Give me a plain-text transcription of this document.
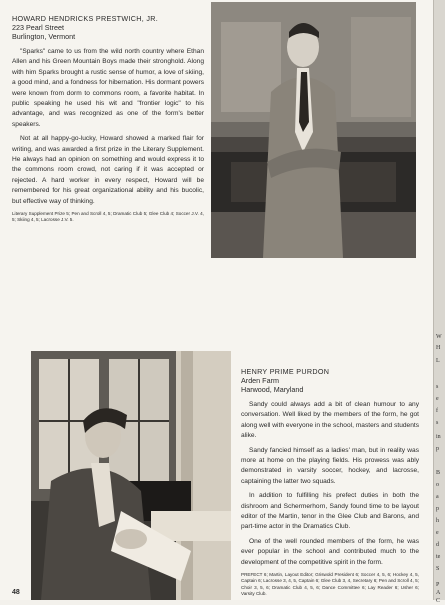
HOWARD HENDRICKS PRESTWICH, JR.

223 Pearl Street

Burlington, Vermont

"Sparks" came to us from the wild north country where Ethan Allen and his Green Mountain Boys made their stronghold. Along with him Sparks brought a rustic sense of humor, a love of skiing, a good mind, and a fondness for hibernation. His dormant powers were known from dorm to commons room, a favorite habitat. In public speaking he used his wit and "frontier logic" to his advantage, and was recognized as one of the form's better speakers.

Not at all happy-go-lucky, Howard showed a marked flair for writing, and was awarded a first prize in the Literary Supplement. He always had an opinion on something and would express it to the commons room crowd, not caring if it was accepted or rejected. A hard worker in every respect, Howard will be remembered for his great organizational ability and his bucolic, but effective way of thinking.

Literary Supplement Prize 5; Pen and Scroll 4, 5; Dramatic Club 5; Glee Club 4; Soccer J.V. 4, 5; Skiing 4, 5; Lacrosse J.V. 5.

HENRY PRIME PURDON

Arden Farm

Harwood, Maryland

Sandy could always add a bit of clean humour to any conversation. Well liked by the members of the form, he got along well with everyone in the school, masters and students alike.

Sandy fancied himself as a ladies' man, but in reality was more at home on the playing fields. His prowess was ably demonstrated in varsity soccer, hockey, and lacrosse, captaining the latter two squads.

In addition to fulfilling his prefect duties in both the dishroom and Schermerhorn, Sandy found time to be layout editor of the Martin, tenor in the Glee Club and Barons, and part-time actor in the Dramatics Club.

One of the well rounded members of the form, he was ever popular in the school and contributed much to the development of the competitive spirit in the form.

PREFECT 6; Martin, Layout Editor; Griswold President 6; Soccer 4, 5, 6; Hockey 4, 5, Captain 6; Lacrosse 3, 4, 5, Captain 6; Glee Club 3, 4, Secretary 6; Pen and Scroll 4, 5; Choir 3, 5, 6; Dramatic Club 4, 5, 6; Dance Committee 6; Lay Reader 6; Usher 6; Varsity Club.

48
W
H
L
s
e
f
s
in
p
B
o
a
p
h
e
d
te
S
P
A
C
